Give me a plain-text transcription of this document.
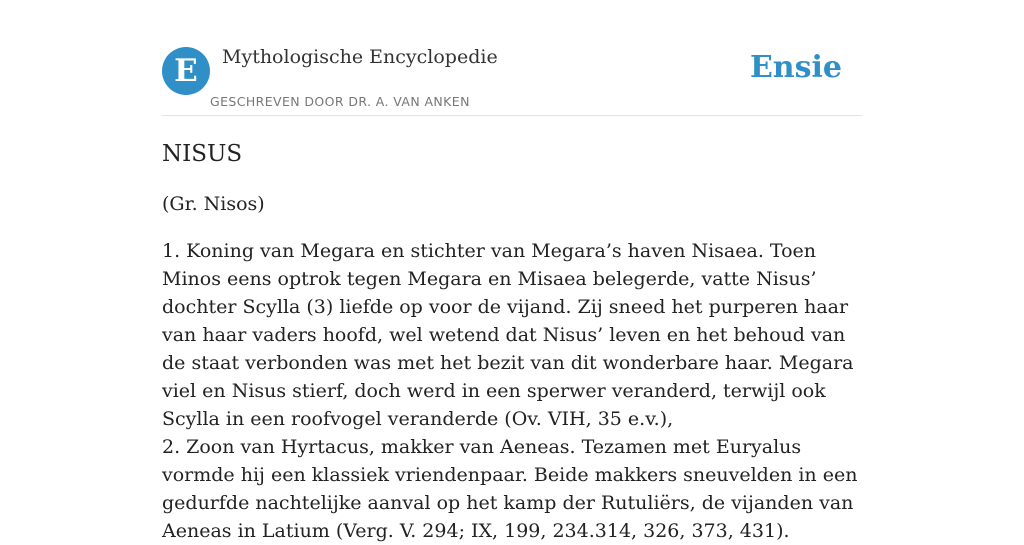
E	Mythologische Encyclopedie
GESCHREVEN DOOR DR. A. VAN ANKEN
Ensie
NISUS

(Gr. Nisos)

1. Koning van Megara en stichter van Megara’s haven Nisaea. Toen Minos eens optrok tegen Megara en Misaea belegerde, vatte Nisus’ dochter Scylla (3) liefde op voor de vijand. Zij sneed het purperen haar van haar vaders hoofd, wel wetend dat Nisus’ leven en het behoud van de staat verbonden was met het bezit van dit wonderbare haar. Megara viel en Nisus stierf, doch werd in een sperwer veranderd, terwijl ook Scylla in een roofvogel veranderde (Ov. VIH, 35 e.v.),
2. Zoon van Hyrtacus, makker van Aeneas. Tezamen met Euryalus vormde hij een klassiek vriendenpaar. Beide makkers sneuvelden in een gedurfde nachtelijke aanval op het kamp der Rutuliërs, de vijanden van Aeneas in Latium (Verg. V. 294; IX, 199, 234.314, 326, 373, 431).
